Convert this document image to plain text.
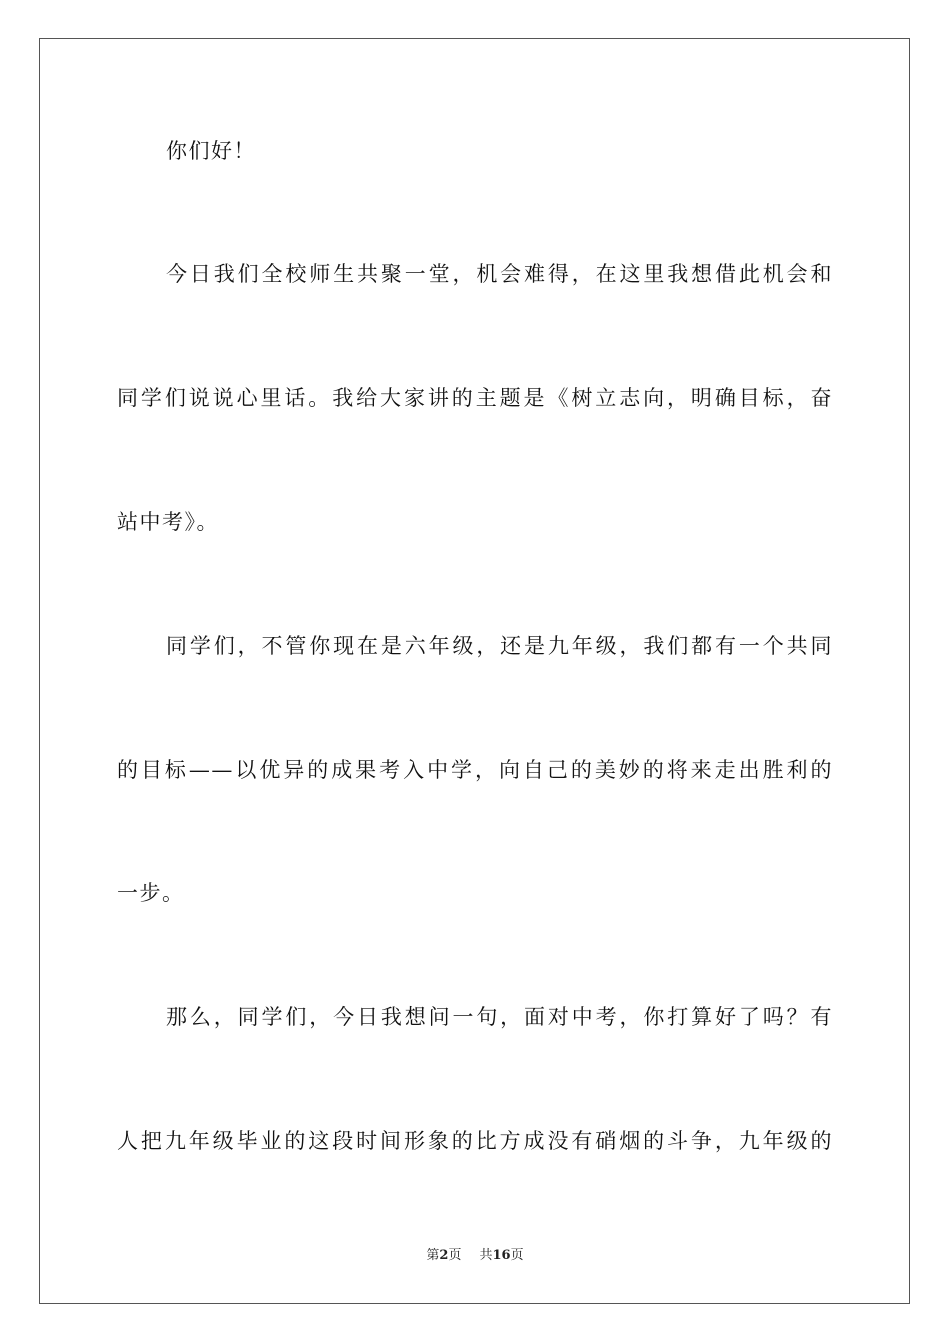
你们好！
今日我们全校师生共聚一堂，机会难得，在这里我想借此机会和
同学们说说心里话。我给大家讲的主题是《树立志向，明确目标，奋
站中考》。
同学们，不管你现在是六年级，还是九年级，我们都有一个共同
的目标——以优异的成果考入中学，向自己的美妙的将来走出胜利的
一步。
那么，同学们，今日我想问一句，面对中考，你打算好了吗？有
人把九年级毕业的这段时间形象的比方成没有硝烟的斗争，九年级的
第2页 共16页
